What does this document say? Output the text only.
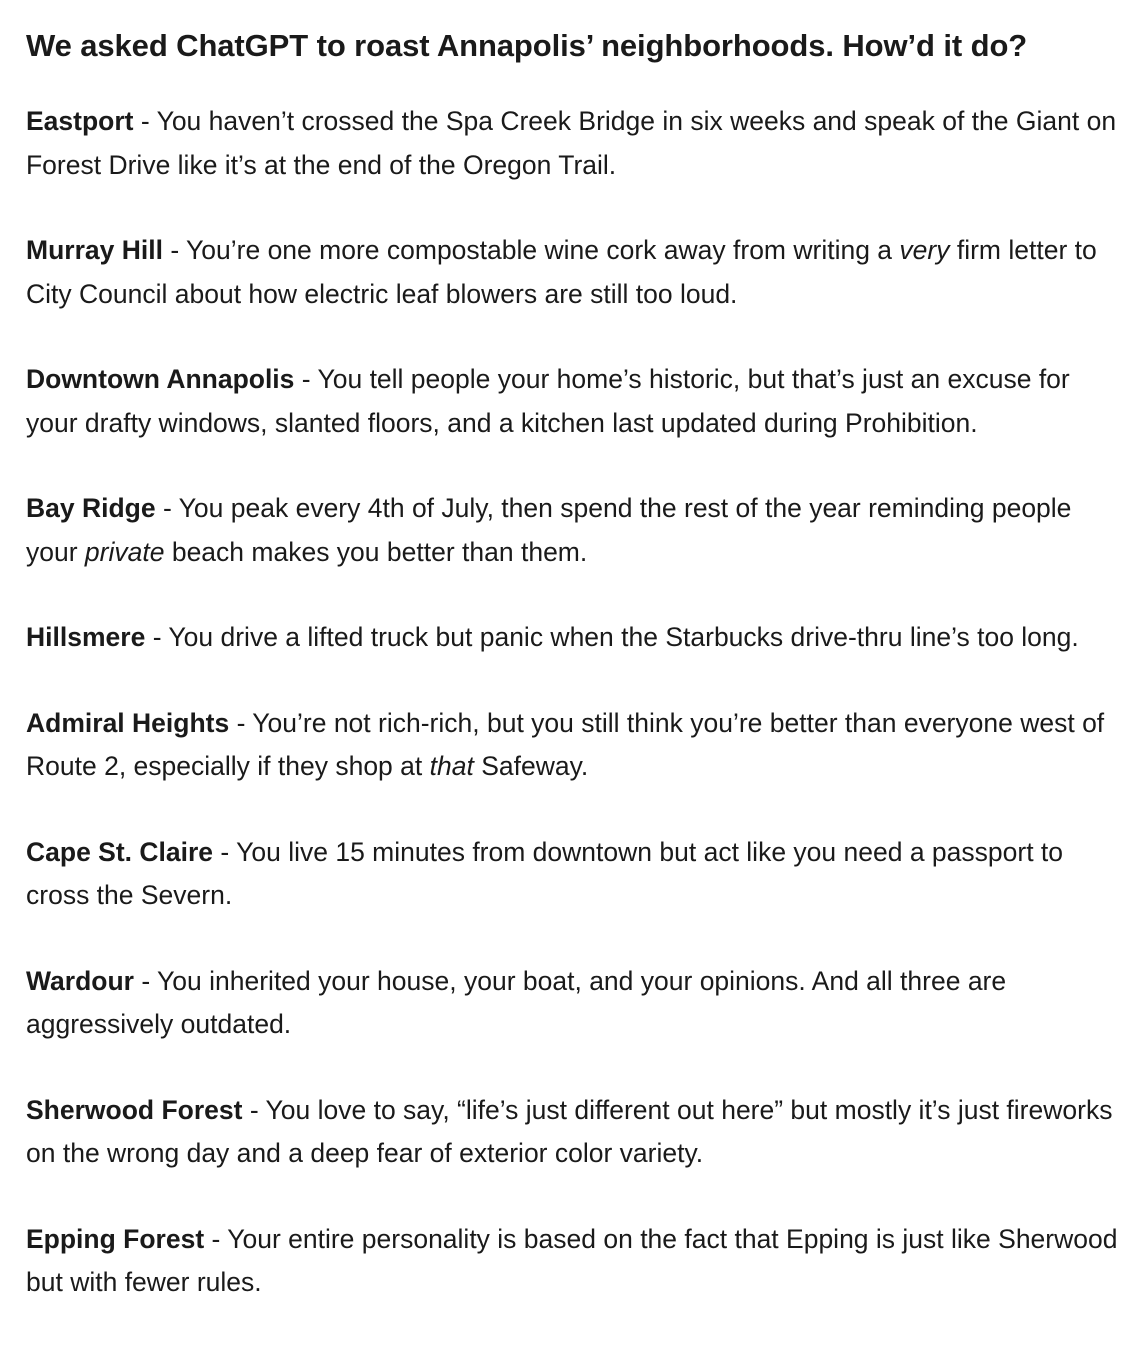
We asked ChatGPT to roast Annapolis’ neighborhoods. How’d it do?

Eastport - You haven’t crossed the Spa Creek Bridge in six weeks and speak of the Giant on Forest Drive like it’s at the end of the Oregon Trail.

Murray Hill - You’re one more compostable wine cork away from writing a very firm letter to City Council about how electric leaf blowers are still too loud.

Downtown Annapolis - You tell people your home’s historic, but that’s just an excuse for your drafty windows, slanted floors, and a kitchen last updated during Prohibition.

Bay Ridge - You peak every 4th of July, then spend the rest of the year reminding people your private beach makes you better than them.

Hillsmere - You drive a lifted truck but panic when the Starbucks drive-thru line’s too long.

Admiral Heights - You’re not rich-rich, but you still think you’re better than everyone west of Route 2, especially if they shop at that Safeway.

Cape St. Claire - You live 15 minutes from downtown but act like you need a passport to cross the Severn.

Wardour - You inherited your house, your boat, and your opinions. And all three are aggressively outdated.

Sherwood Forest - You love to say, “life’s just different out here” but mostly it’s just fireworks on the wrong day and a deep fear of exterior color variety.

Epping Forest - Your entire personality is based on the fact that Epping is just like Sherwood but with fewer rules.
